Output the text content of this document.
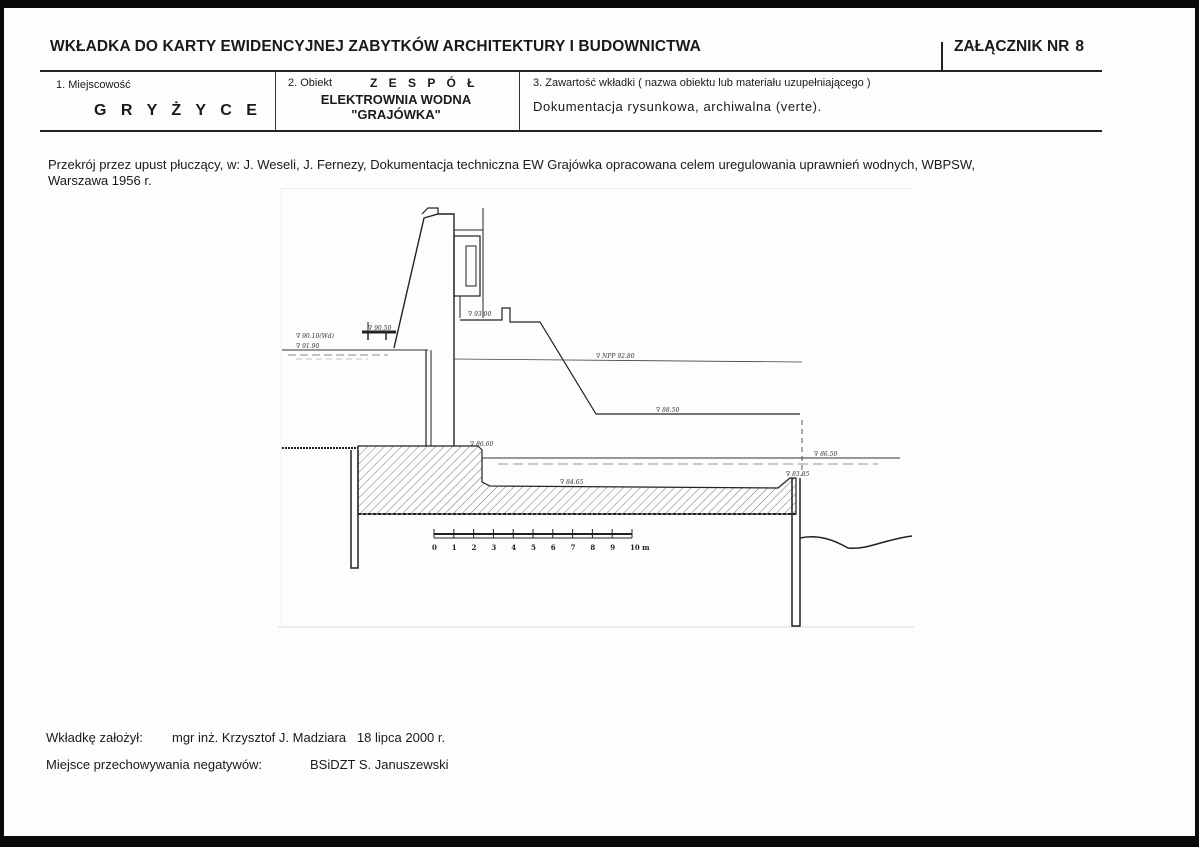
WKŁADKA DO KARTY EWIDENCYJNEJ ZABYTKÓW ARCHITEKTURY I BUDOWNICTWA	ZAŁĄCZNIK NR 8
1. Miejscowość
G R Y Ż Y C E
2. Obiekt	Z E S P Ó Ł
ELEKTROWNIA WODNA
"GRAJÓWKA"
3. Zawartość wkładki ( nazwa obiektu lub materiału uzupełniającego )
Dokumentacja rysunkowa, archiwalna (verte).
Przekrój przez upust płuczący, w: J. Weseli, J. Fernezy, Dokumentacja techniczna EW Grajówka opracowana celem uregulowania uprawnień wodnych, WBPSW, Warszawa 1956 r.
∇ 90,50
∇ 90.10(Wd)
∇ 91.90
∇ 93.00
∇ NPP 92.80
∇ 88.50
∇ 86.60
∇ 84.65
∇ 86.50
∇ 83.85
0 1 2 3 4 5 6 7 8 9 10 m
Wkładkę założył: mgr inż. Krzysztof J. Madziara   18 lipca 2000 r.
Miejsce przechowywania negatywów:	BSiDZT S. Januszewski
